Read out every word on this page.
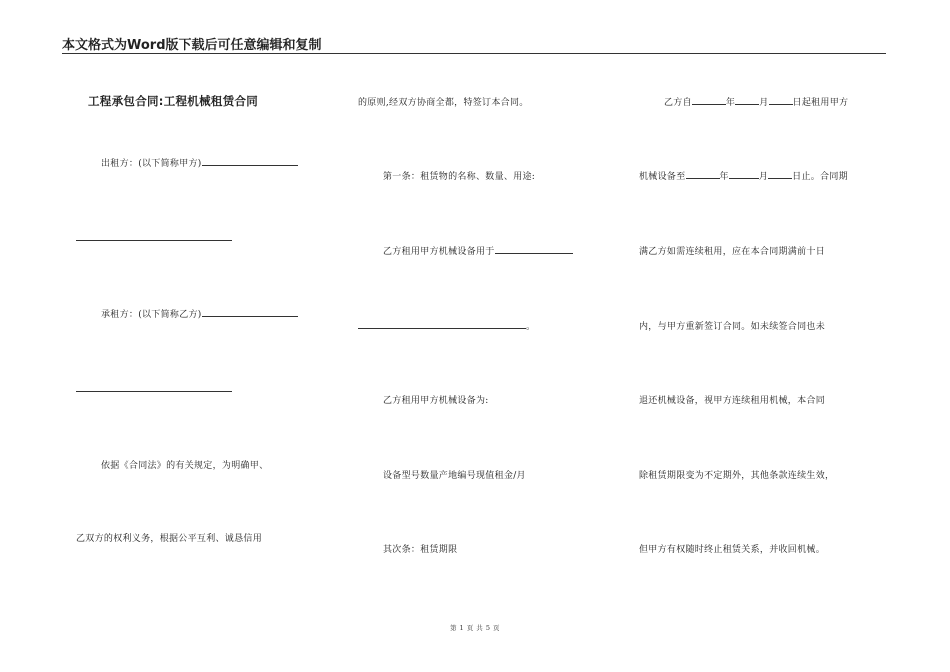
本文格式为Word版下载后可任意编辑和复制
工程承包合同:工程机械租赁合同
出租方：(以下简称甲方)
承租方：(以下简称乙方)
依据《合同法》的有关规定，为明确甲、
乙双方的权利义务，根据公平互利、诚恳信用
的原则,经双方协商全都，特签订本合同。
第一条：租赁物的名称、数量、用途:
乙方租用甲方机械设备用于
。
乙方租用甲方机械设备为:
设备型号数量产地编号现值租金/月
其次条：租赁期限
乙方自	年	月	日起租用甲方
机械设备至	年	月	日止。合同期
满乙方如需连续租用，应在本合同期满前十日
内，与甲方重新签订合同。如未续签合同也未
退还机械设备，视甲方连续租用机械，本合同
除租赁期限变为不定期外，其他条款连续生效，
但甲方有权随时终止租赁关系，并收回机械。
第 1 页 共 5 页
